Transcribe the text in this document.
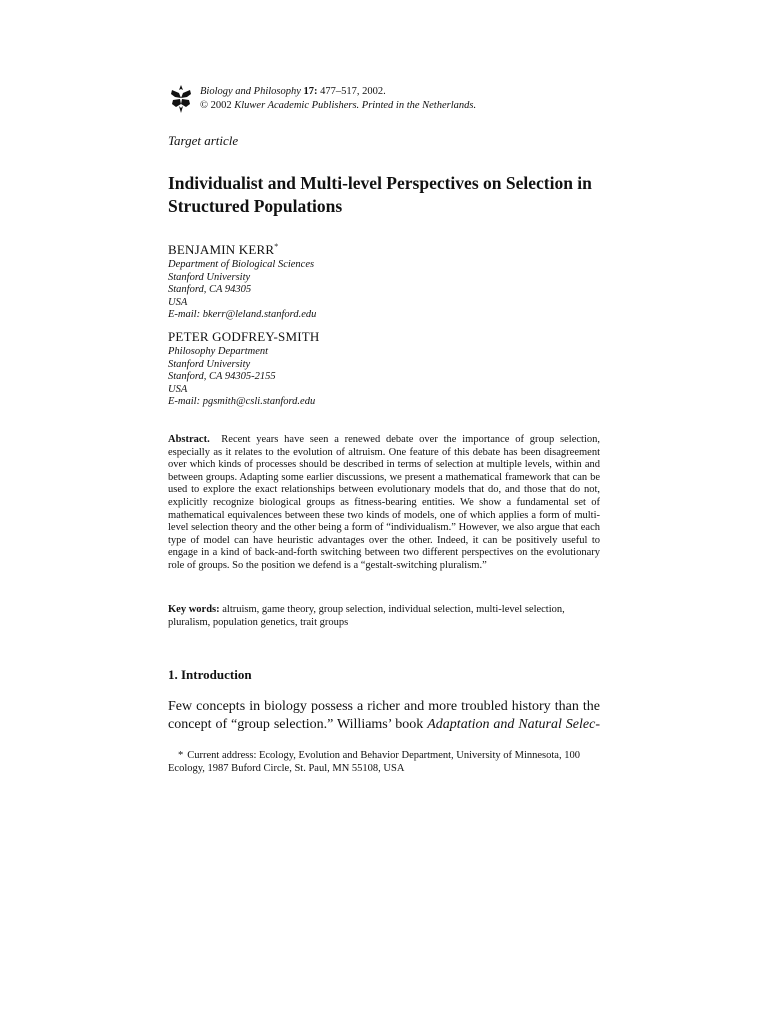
Biology and Philosophy 17: 477–517, 2002.
© 2002 Kluwer Academic Publishers. Printed in the Netherlands.
Target article
Individualist and Multi-level Perspectives on Selection in Structured Populations
BENJAMIN KERR*
Department of Biological Sciences
Stanford University
Stanford, CA 94305
USA
E-mail: bkerr@leland.stanford.edu
PETER GODFREY-SMITH
Philosophy Department
Stanford University
Stanford, CA 94305-2155
USA
E-mail: pgsmith@csli.stanford.edu
Abstract. Recent years have seen a renewed debate over the importance of group selection, especially as it relates to the evolution of altruism. One feature of this debate has been disagreement over which kinds of processes should be described in terms of selection at multiple levels, within and between groups. Adapting some earlier discussions, we present a mathematical framework that can be used to explore the exact relationships between evolutionary models that do, and those that do not, explicitly recognize biological groups as fitness-bearing entities. We show a fundamental set of mathematical equivalences between these two kinds of models, one of which applies a form of multi-level selection theory and the other being a form of “individualism.” However, we also argue that each type of model can have heuristic advantages over the other. Indeed, it can be positively useful to engage in a kind of back-and-forth switching between two different perspectives on the evolutionary role of groups. So the position we defend is a “gestalt-switching pluralism.”
Key words: altruism, game theory, group selection, individual selection, multi-level selection, pluralism, population genetics, trait groups
1. Introduction
Few concepts in biology possess a richer and more troubled history than the
concept of “group selection.” Williams’ book Adaptation and Natural Selec-
* Current address: Ecology, Evolution and Behavior Department, University of Minnesota, 100 Ecology, 1987 Buford Circle, St. Paul, MN 55108, USA
